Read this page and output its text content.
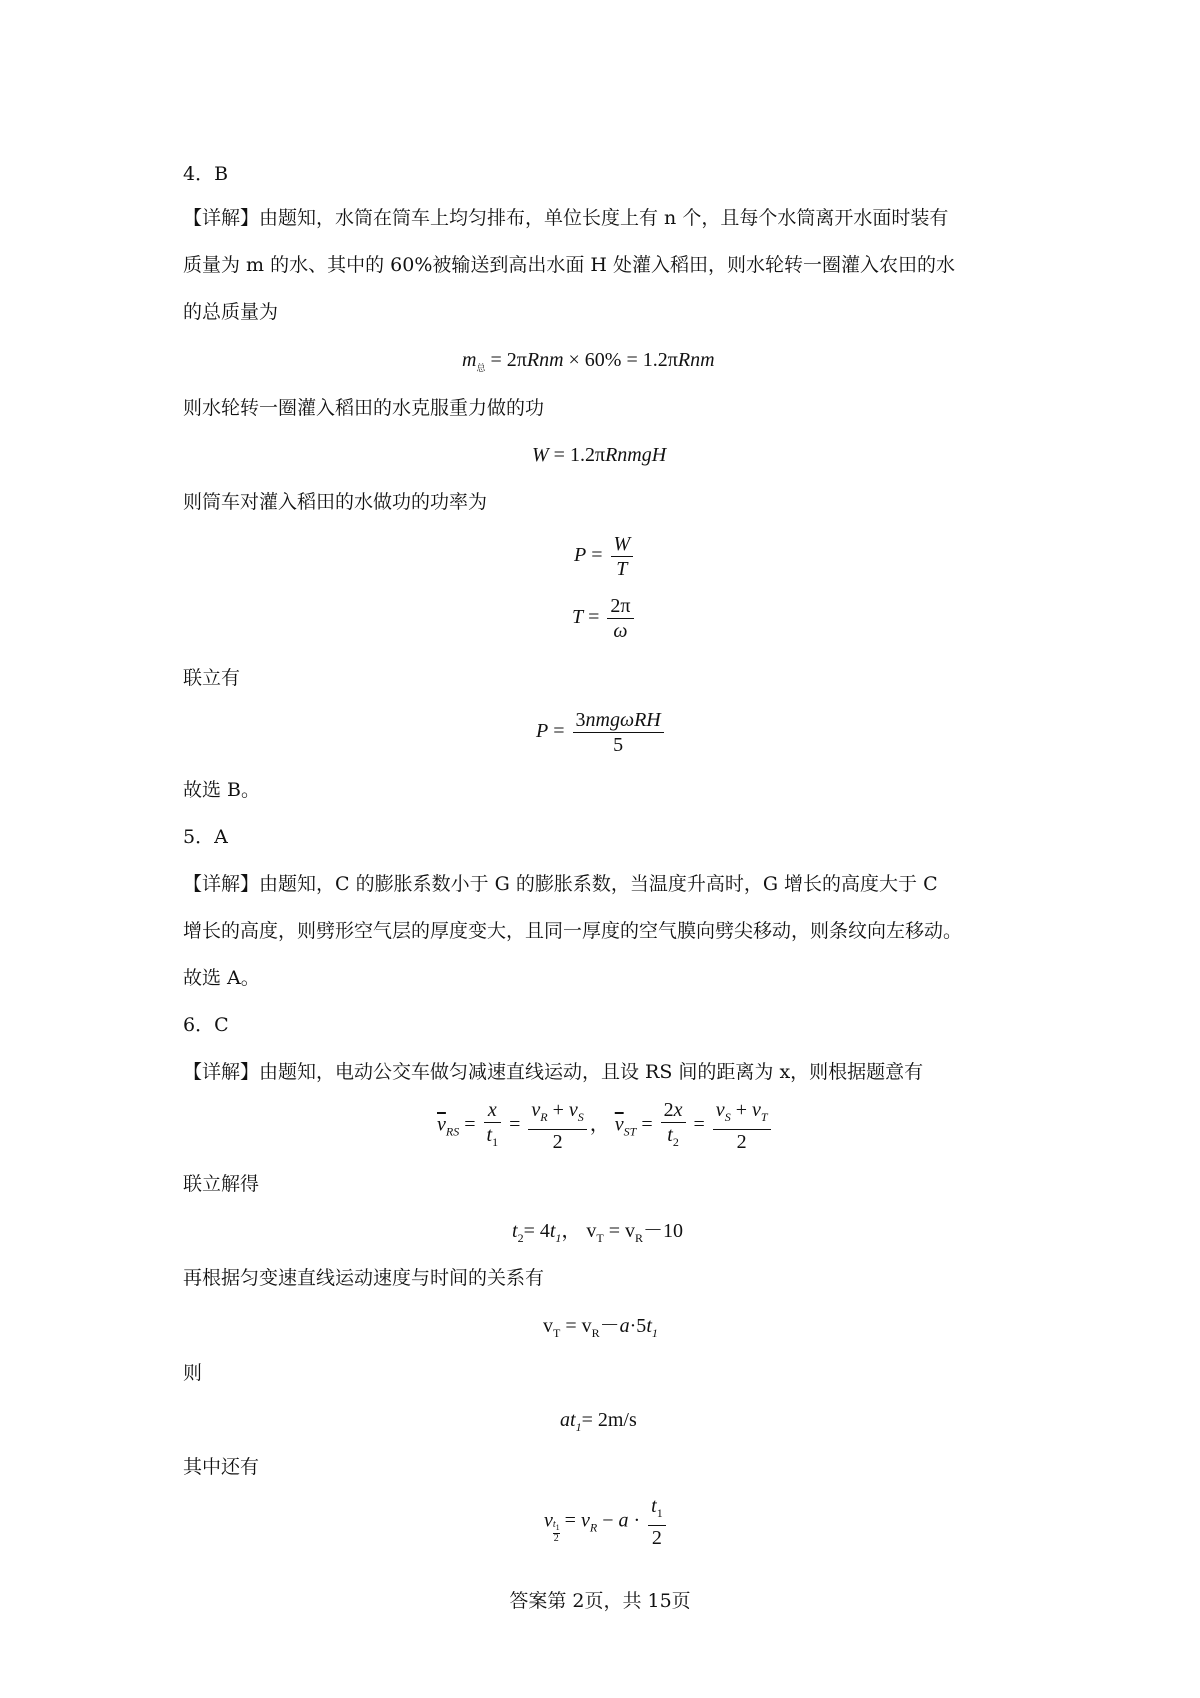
4．B
【详解】由题知，水筒在筒车上均匀排布，单位长度上有 n 个，且每个水筒离开水面时装有
质量为 m 的水、其中的 60%被输送到高出水面 H 处灌入稻田，则水轮转一圈灌入农田的水
的总质量为
$m_总 = 2\pi Rnm \times 60\% = 1.2\pi Rnm$
则水轮转一圈灌入稻田的水克服重力做的功
W = 1.2πRnmgH
则筒车对灌入稻田的水做功的功率为
$P = \frac{W}{T}$
$T = \frac{2\pi}{\omega}$
联立有
$P = \frac{\text{3nmgωRH}}{5}$
故选 B。
5．A
【详解】由题知，C 的膨胀系数小于 G 的膨胀系数，当温度升高时，G 增长的高度大于 C
增长的高度，则劈形空气层的厚度变大，且同一厚度的空气膜向劈尖移动，则条纹向左移动。
故选 A。
6．C
【详解】由题知，电动公交车做匀减速直线运动，且设 RS 间的距离为 x，则根据题意有
$\overline{v}_{RS} = \frac{x}{t_1} = \frac{v_R + v_S}{2}$ ， $\overline{v}_{ST} = \frac{2x}{t_2} = \frac{v_S + v_T}{2}$
联立解得
$t_2= 4t_1$， $v_T = v_R-10$
再根据匀变速直线运动速度与时间的关系有
$v_T = v_R-a\cdot 5t_1$
则
$at_1= 2m/s$
其中还有
v $\frac{t_1}{2} = v_R - a \cdot \frac{t_1}{2}$
答案第 2页，共 15页
